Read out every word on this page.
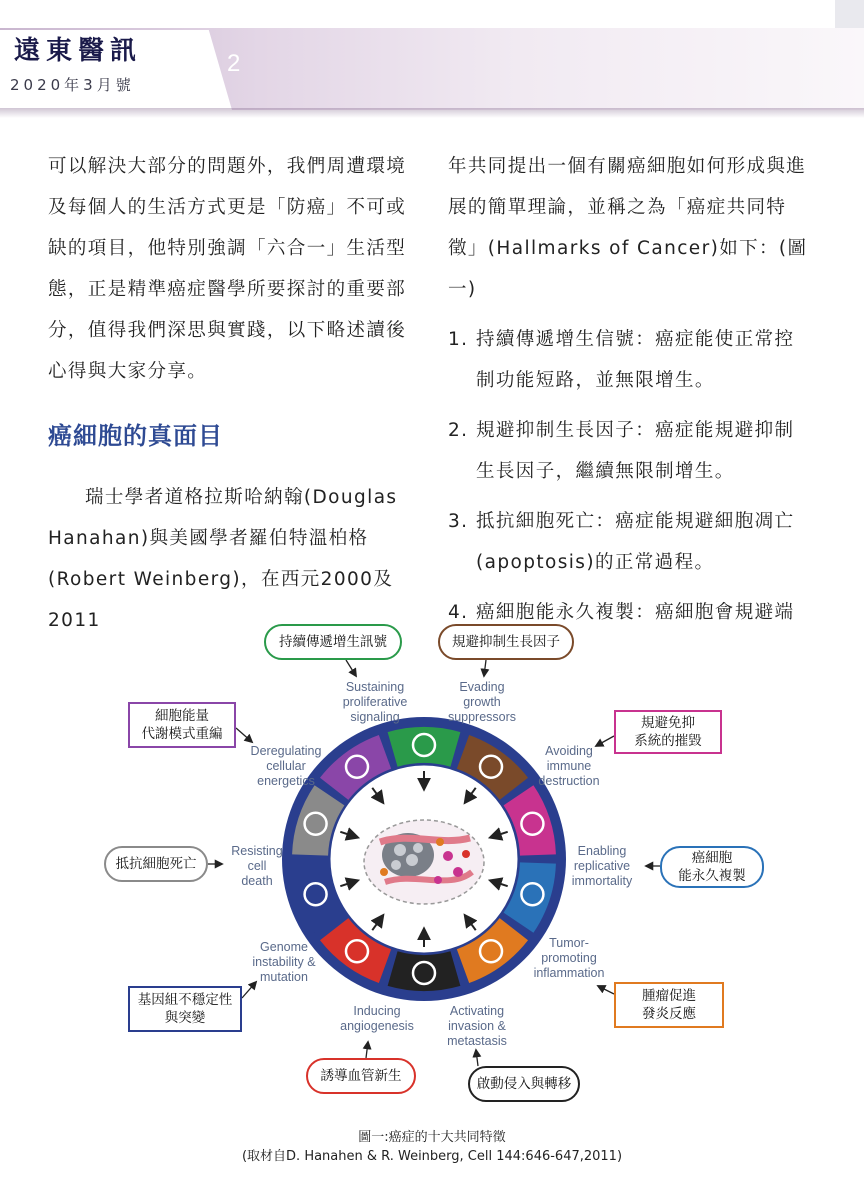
遠東醫訊
2020年3月號
2

可以解決大部分的問題外，我們周遭環境及每個人的生活方式更是「防癌」不可或缺的項目，他特別強調「六合一」生活型態，正是精準癌症醫學所要探討的重要部分，值得我們深思與實踐，以下略述讀後心得與大家分享。

癌細胞的真面目

瑞士學者道格拉斯哈納翰(Douglas Hanahan)與美國學者羅伯特溫柏格(Robert Weinberg)，在西元2000及2011

年共同提出一個有關癌細胞如何形成與進展的簡單理論，並稱之為「癌症共同特徵」(Hallmarks of Cancer)如下：(圖一)

1. 持續傳遞增生信號：癌症能使正常控制功能短路，並無限增生。

2. 規避抑制生長因子：癌症能規避抑制生長因子，繼續無限制增生。

3. 抵抗細胞死亡：癌症能規避細胞凋亡(apoptosis)的正常過程。

4. 癌細胞能永久複製：癌細胞會規避端

持續傳遞增生訊號	規避抑制生長因子
細胞能量
代謝模式重編
規避免抑
系統的摧毀
抵抗細胞死亡	癌細胞
能永久複製
基因組不穩定性
與突變
腫瘤促進
發炎反應
誘導血管新生	啟動侵入與轉移
Sustaining
proliferative
signaling
Evading
growth
suppressors
Deregulating
cellular
energetics
Avoiding
immune
destruction
Resisting
cell
death
Enabling
replicative
immortality
Genome
instability &
mutation
Tumor-
promoting
inflammation
Inducing
angiogenesis
Activating
invasion &
metastasis
圖一:癌症的十大共同特徵
(取材自D. Hanahen & R. Weinberg, Cell 144:646-647,2011)
